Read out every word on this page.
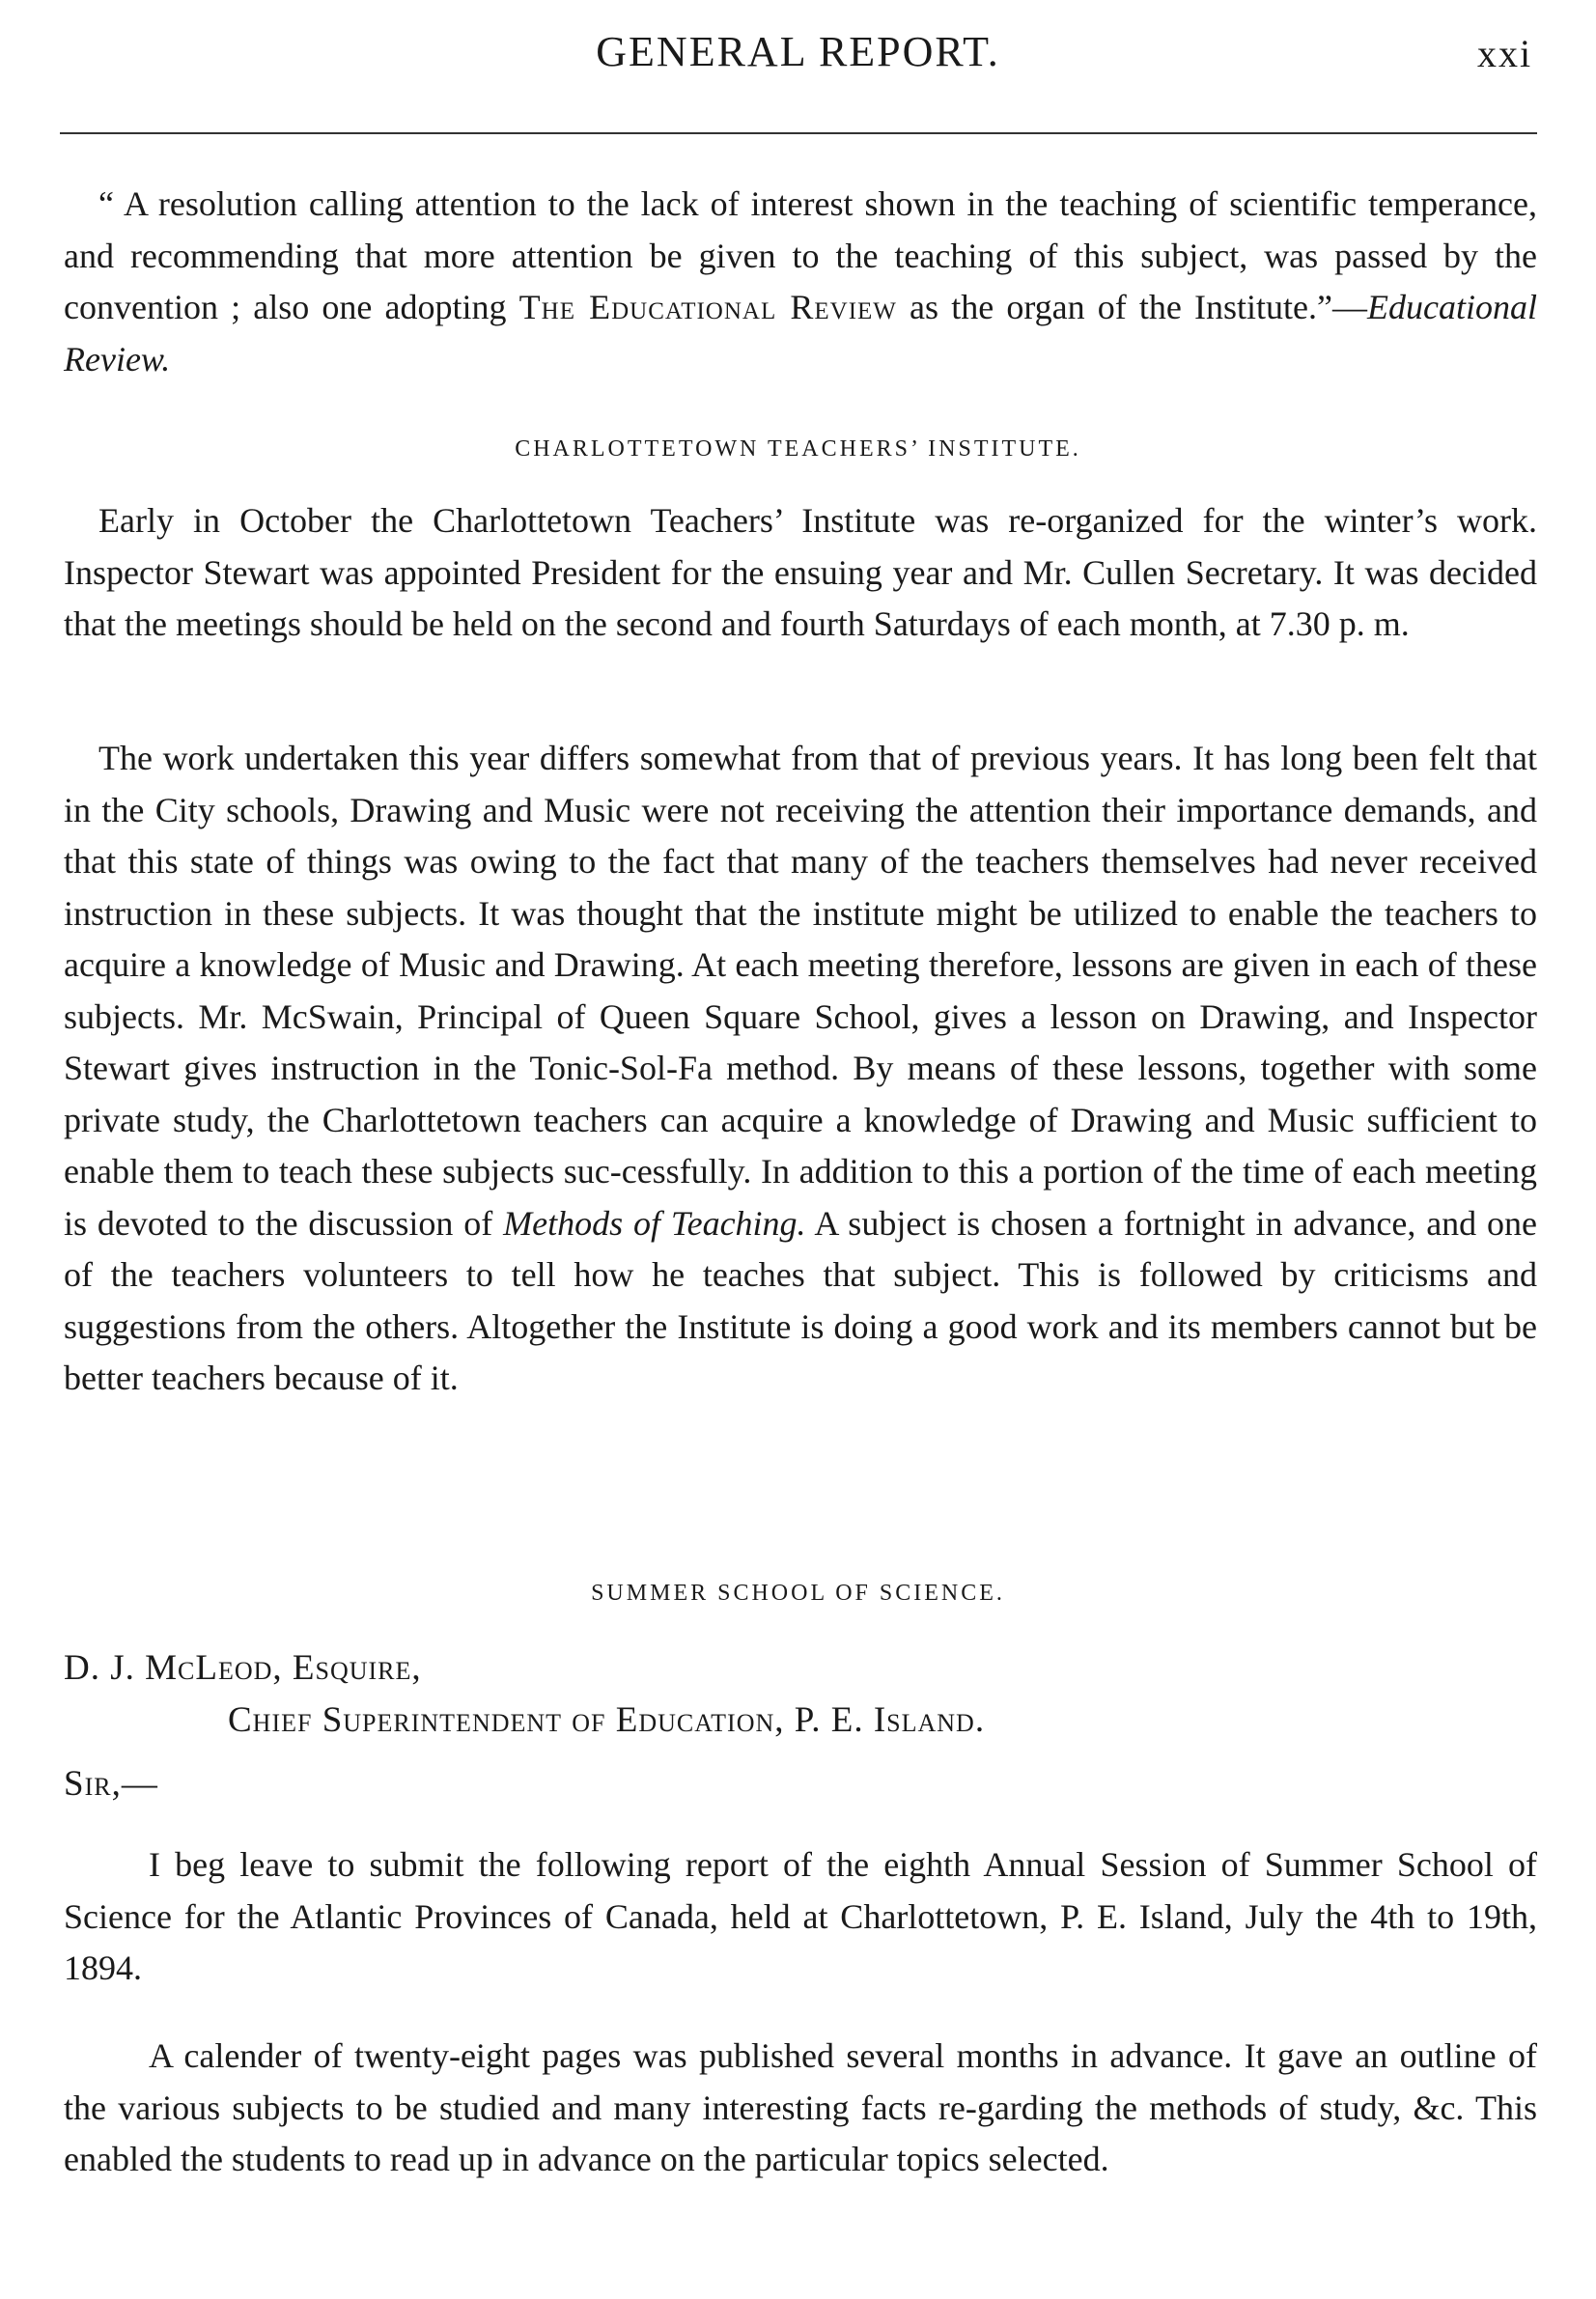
GENERAL REPORT.	xxi

“ A resolution calling attention to the lack of interest shown in the teaching of scientific temperance, and recommending that more attention be given to the teaching of this subject, was passed by the convention ; also one adopting The Educational Review as the organ of the Institute.”—Educational Review.

CHARLOTTETOWN TEACHERS’ INSTITUTE.

Early in October the Charlottetown Teachers’ Institute was re-organized for the winter’s work. Inspector Stewart was appointed President for the ensuing year and Mr. Cullen Secretary. It was decided that the meetings should be held on the second and fourth Saturdays of each month, at 7.30 p. m.

The work undertaken this year differs somewhat from that of previous years. It has long been felt that in the City schools, Drawing and Music were not receiving the attention their importance demands, and that this state of things was owing to the fact that many of the teachers themselves had never received instruction in these subjects. It was thought that the institute might be utilized to enable the teachers to acquire a knowledge of Music and Drawing. At each meeting therefore, lessons are given in each of these subjects. Mr. McSwain, Principal of Queen Square School, gives a lesson on Drawing, and Inspector Stewart gives instruction in the Tonic-Sol-Fa method. By means of these lessons, together with some private study, the Charlottetown teachers can acquire a knowledge of Drawing and Music sufficient to enable them to teach these subjects suc-cessfully. In addition to this a portion of the time of each meeting is devoted to the discussion of Methods of Teaching. A subject is chosen a fortnight in advance, and one of the teachers volunteers to tell how he teaches that subject. This is followed by criticisms and suggestions from the others. Altogether the Institute is doing a good work and its members cannot but be better teachers because of it.

SUMMER SCHOOL OF SCIENCE.
D. J. McLeod, Esquire,
Chief Superintendent of Education, P. E. Island.
Sir,—

I beg leave to submit the following report of the eighth Annual Session of Summer School of Science for the Atlantic Provinces of Canada, held at Charlottetown, P. E. Island, July the 4th to 19th, 1894.

A calender of twenty-eight pages was published several months in advance. It gave an outline of the various subjects to be studied and many interesting facts re-garding the methods of study, &c. This enabled the students to read up in advance on the particular topics selected.
